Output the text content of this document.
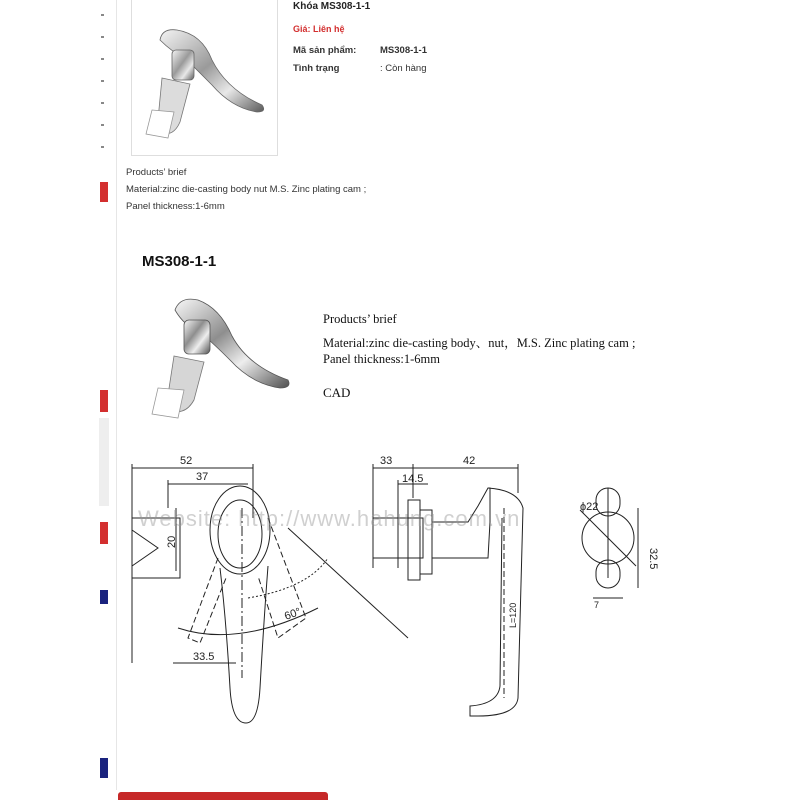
Khóa MS308-1-1
Giá: Liên hệ
Mã sản phẩm: MS308-1-1
Tình trạng	: Còn hàng
Products’ brief
Material:zinc die-casting body nut M.S. Zinc plating cam ;
Panel thickness:1-6mm
MS308-1-1
Products’ brief
Material:zinc die-casting body、nut，M.S. Zinc plating cam ;
Panel thickness:1-6mm
CAD
52
37
20
33.5
60°
33	42
14.5
L=120
ϕ22
32.5
7
Website: http://www.hahung.com.vn
